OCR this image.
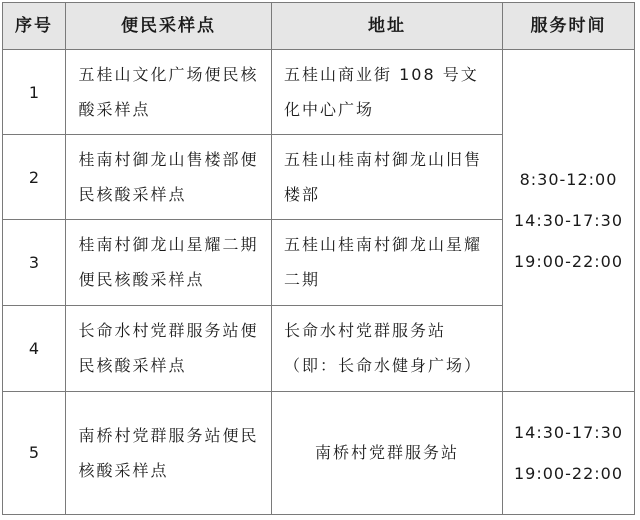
序号	便民采样点	地址	服务时间
1	五桂山文化广场便民核酸采样点	五桂山商业街 108 号文化中心广场	8:30-12:00
14:30-17:30
19:00-22:00

2	桂南村御龙山售楼部便民核酸采样点	五桂山桂南村御龙山旧售楼部	
3	桂南村御龙山星耀二期便民核酸采样点	五桂山桂南村御龙山星耀二期	
4	长命水村党群服务站便民核酸采样点	长命水村党群服务站（即：长命水健身广场）	
5	南桥村党群服务站便民核酸采样点	南桥村党群服务站	14:30-17:30
19:00-22:00
